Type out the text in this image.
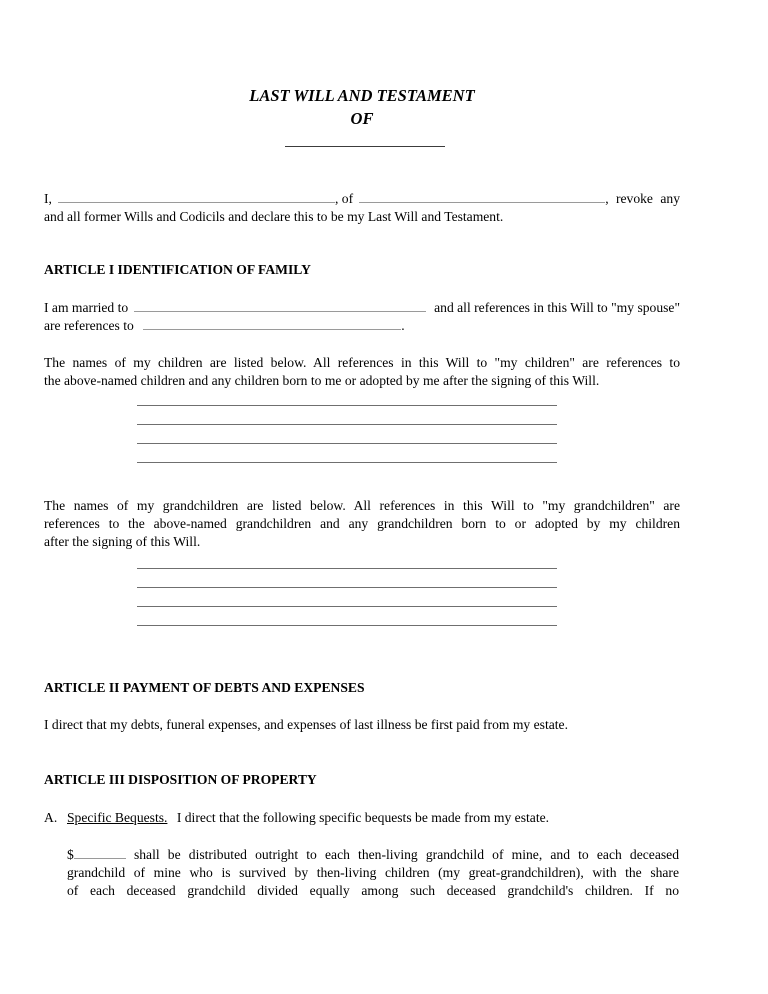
LAST WILL AND TESTAMENT
OF
I,	, of	, revoke any
and all former Wills and Codicils and declare this to be my Last Will and Testament.
ARTICLE I IDENTIFICATION OF FAMILY
I am married to	and all references in this Will to "my spouse"
are references to	.
The names of my children are listed below. All references in this Will to "my children" are references to
the above-named children and any children born to me or adopted by me after the signing of this Will.
The names of my grandchildren are listed below. All references in this Will to "my grandchildren" are
references to the above-named grandchildren and any grandchildren born to or adopted by my children
after the signing of this Will.
ARTICLE II PAYMENT OF DEBTS AND EXPENSES
I direct that my debts, funeral expenses, and expenses of last illness be first paid from my estate.
ARTICLE III DISPOSITION OF PROPERTY
A. Specific Bequests. I direct that the following specific bequests be made from my estate.
$	shall be distributed outright to each then-living grandchild of mine, and to each deceased
grandchild of mine who is survived by then-living children (my great-grandchildren), with the share
of each deceased grandchild divided equally among such deceased grandchild's children. If no
